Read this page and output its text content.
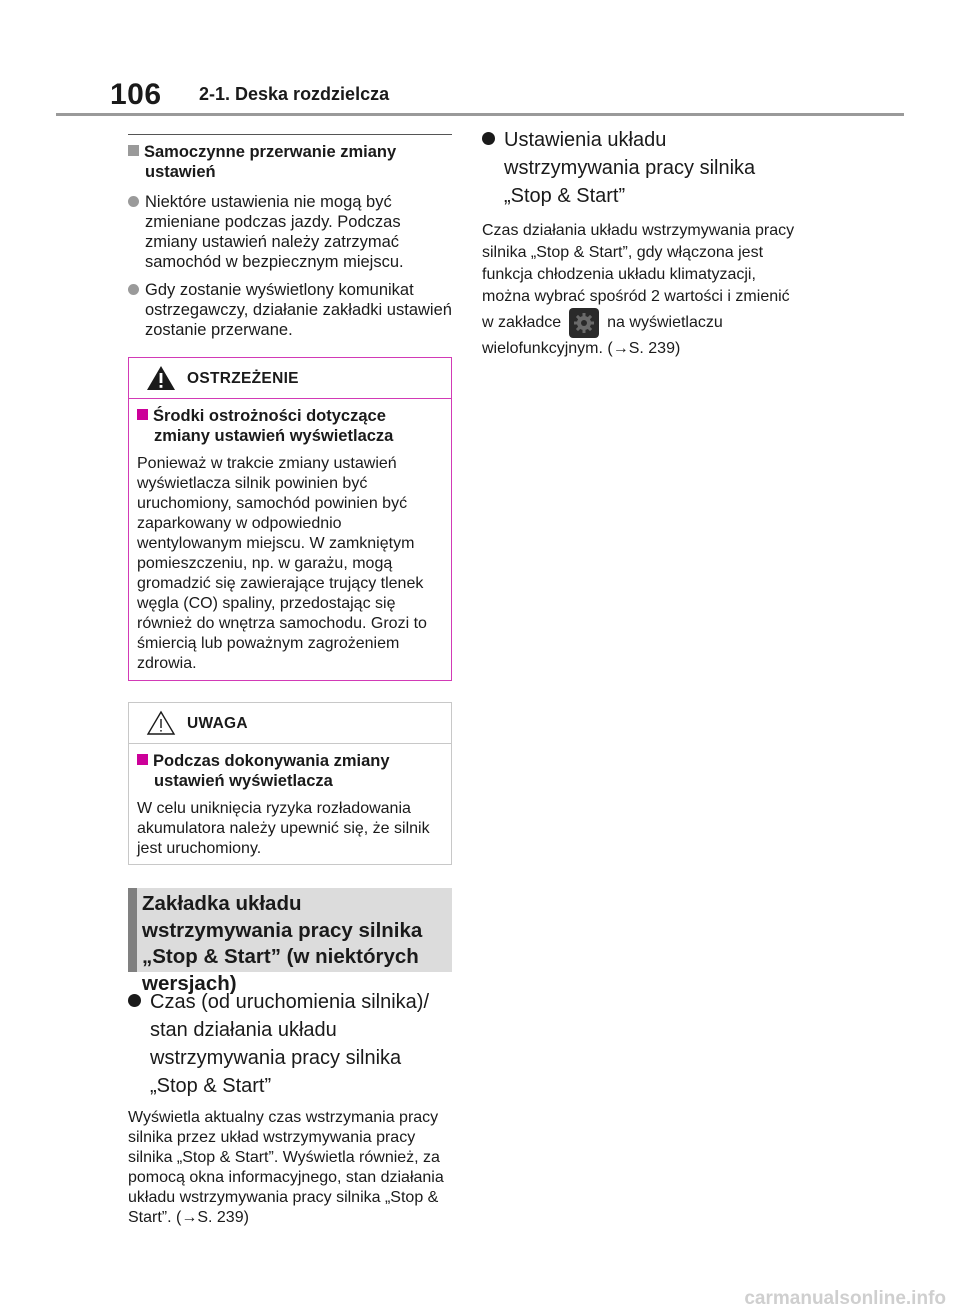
106 2-1. Deska rozdzielcza
Samoczynne przerwanie zmiany
ustawień
Niektóre ustawienia nie mogą być zmieniane podczas jazdy. Podczas zmiany ustawień należy zatrzymać samochód w bezpiecznym miejscu.
Gdy zostanie wyświetlony komunikat ostrzegawczy, działanie zakładki ustawień zostanie przerwane.
OSTRZEŻENIE
Środki ostrożności dotyczące
zmiany ustawień wyświetlacza
Ponieważ w trakcie zmiany ustawień wyświetlacza silnik powinien być uruchomiony, samochód powinien być zaparkowany w odpowiednio wentylowanym miejscu. W zamkniętym pomieszczeniu, np. w garażu, mogą gromadzić się zawierające trujący tlenek węgla (CO) spaliny, przedostając się również do wnętrza samochodu. Grozi to śmiercią lub poważnym zagrożeniem zdrowia.
UWAGA
Podczas dokonywania zmiany
ustawień wyświetlacza
W celu uniknięcia ryzyka rozładowania akumulatora należy upewnić się, że silnik jest uruchomiony.
Zakładka układu wstrzymywania pracy silnika „Stop & Start” (w niektórych wersjach)
Czas (od uruchomienia silnika)/ stan działania układu wstrzymywania pracy silnika „Stop & Start”
Wyświetla aktualny czas wstrzymania pracy silnika przez układ wstrzymywania pracy silnika „Stop & Start”. Wyświetla również, za pomocą okna informacyjnego, stan działania układu wstrzymywania pracy silnika „Stop & Start”. (→S. 239)
Ustawienia układu wstrzymywania pracy silnika „Stop & Start”
Czas działania układu wstrzymywania pracy silnika „Stop & Start”, gdy włączona jest funkcja chłodzenia układu klimatyzacji, można wybrać spośród 2 wartości i zmienić w zakładce	na wyświetlaczu wielofunkcyjnym. (→S. 239)
carmanualsonline.info
